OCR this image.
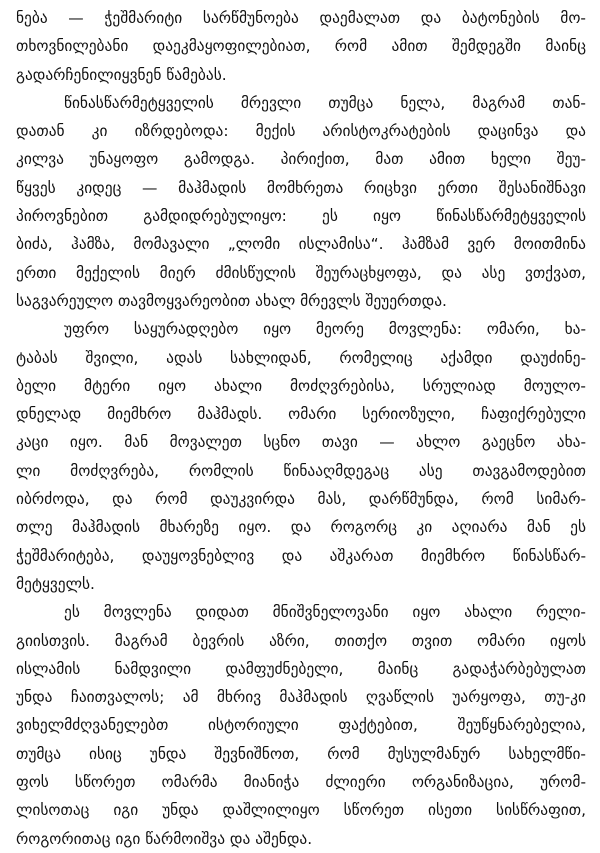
ნება — ჭეშმარიტი სარწმუნოება დაემალათ და ბატონების მო-
თხოვნილებანი დაეკმაყოფილებიათ, რომ ამით შემდეგში მაინც
გადარჩენილიყვნენ წამებას.
წინასწარმეტყველის მრევლი თუმცა ნელა, მაგრამ თან-
დათან კი იზრდებოდა: მექის არისტოკრატების დაცინვა და
კილვა უნაყოფო გამოდგა. პირიქით, მათ ამით ხელი შეუ-
წყვეს კიდეც — მაჰმადის მომხრეთა რიცხვი ერთი შესანიშნავი
პიროვნებით გამდიდრებულიყო: ეს იყო წინასწარმეტყველის
ბიძა, ჰამზა, მომავალი „ლომი ისლამისა“. ჰამზამ ვერ მოითმინა
ერთი მექელის მიერ ძმისწულის შეურაცხყოფა, და ასე ვთქვათ,
საგვარეულო თავმოყვარეობით ახალ მრევლს შეუერთდა.
უფრო საყურადღებო იყო მეორე მოვლენა: ომარი, ხა-
ტაბას შვილი, ადას სახლიდან, რომელიც აქამდი დაუძინე-
ბელი მტერი იყო ახალი მოძღვრებისა, სრულიად მოულო-
დნელად მიემხრო მაჰმადს. ომარი სერიოზული, ჩაფიქრებული
კაცი იყო. მან მოვალეთ სცნო თავი — ახლო გაეცნო ახა-
ლი მოძღვრება, რომლის წინააღმდეგაც ასე თავგამოდებით
იბრძოდა, და რომ დაუკვირდა მას, დარწმუნდა, რომ სიმარ-
თლე მაჰმადის მხარეზე იყო. და როგორც კი აღიარა მან ეს
ჭეშმარიტება, დაუყოვნებლივ და აშკარათ მიემხრო წინასწარ-
მეტყველს.
ეს მოვლენა დიდათ მნიშვნელოვანი იყო ახალი რელი-
გიისთვის. მაგრამ ბევრის აზრი, თითქო თვით ომარი იყოს
ისლამის ნამდვილი დამფუძნებელი, მაინც გადაჭარბებულათ
უნდა ჩაითვალოს; ამ მხრივ მაჰმადის ღვაწლის უარყოფა, თუ-კი
ვიხელმძღვანელებთ ისტორიული ფაქტებით, შეუწყნარებელია,
თუმცა ისიც უნდა შევნიშნოთ, რომ მუსულმანურ სახელმწი-
ფოს სწორეთ ომარმა მიანიჭა ძლიერი ორგანიზაცია, ურომ-
ლისოთაც იგი უნდა დაშლილიყო სწორეთ ისეთი სისწრაფით,
როგორითაც იგი წარმოიშვა და აშენდა.
